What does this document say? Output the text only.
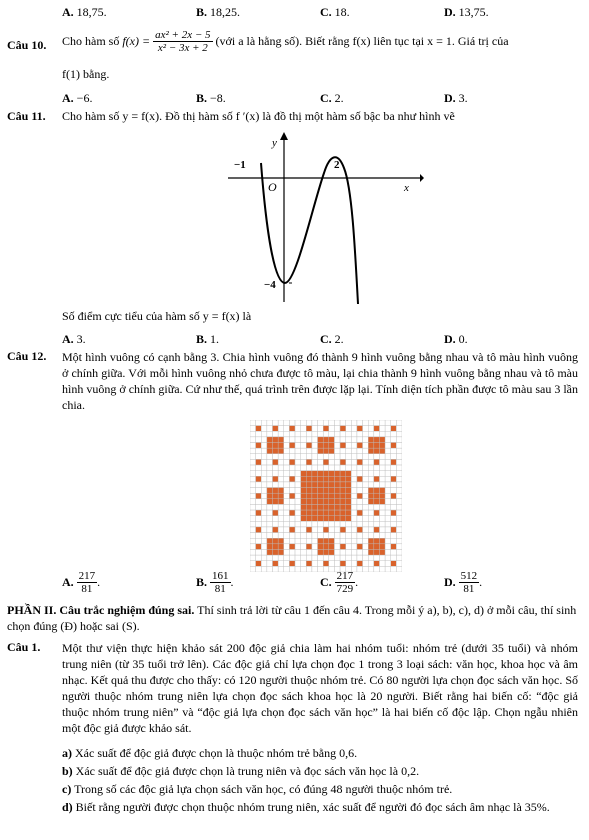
A. 18,75.	B. 18,25.	C. 18.	D. 13,75.
Câu 10. Cho hàm số $f(x) = \frac{\text{ax² + 2x − 5}}{\text{x² − 3x + 2}}$ (với a là hằng số). Biết rằng f(x) liên tục tại x = 1. Giá trị của
f(1) bằng.
A. −6.	B. −8.	C. 2.	D. 3.
Câu 11. Cho hàm số y = f(x). Đồ thị hàm số f ′(x) là đồ thị một hàm số bậc ba như hình vẽ
y
x
O
−1	2
−4
Số điểm cực tiểu của hàm số y = f(x) là
A. 3.	B. 1.	C. 2.	D. 0.
Câu 12. Một hình vuông có cạnh bằng 3. Chia hình vuông đó thành 9 hình vuông bằng nhau và tô màu hình vuông ở chính giữa. Với mỗi hình vuông nhỏ chưa được tô màu, lại chia thành 9 hình vuông bằng nhau và tô màu hình vuông ở chính giữa. Cứ như thế, quá trình trên được lặp lại. Tính diện tích phần được tô màu sau 3 lần chia.
A. $\frac{217}{81}$ .	B. $\frac{161}{81}$ .	C. $\frac{217}{729}$ .	D. $\frac{512}{81}$ .
PHẦN II. Câu trắc nghiệm đúng sai. Thí sinh trả lời từ câu 1 đến câu 4. Trong mỗi ý a), b), c), d) ở mỗi câu, thí sinh chọn đúng (Đ) hoặc sai (S).
Câu 1. Một thư viện thực hiện khảo sát 200 độc giả chia làm hai nhóm tuổi: nhóm trẻ (dưới 35 tuổi) và nhóm trung niên (từ 35 tuổi trở lên). Các độc giả chỉ lựa chọn đọc 1 trong 3 loại sách: văn học, khoa học và âm nhạc. Kết quả thu được cho thấy: có 120 người thuộc nhóm trẻ. Có 80 người lựa chọn đọc sách văn học. Số người thuộc nhóm trung niên lựa chọn đọc sách khoa học là 20 người. Biết rằng hai biến cố: “độc giả thuộc nhóm trung niên” và “độc giả lựa chọn đọc sách văn học” là hai biến cố độc lập. Chọn ngẫu nhiên một độc giả được khảo sát.
a) Xác suất để độc giả được chọn là thuộc nhóm trẻ bằng 0,6.
b) Xác suất để độc giả được chọn là trung niên và đọc sách văn học là 0,2.
c) Trong số các độc giả lựa chọn sách văn học, có đúng 48 người thuộc nhóm trẻ.
d) Biết rằng người được chọn thuộc nhóm trung niên, xác suất để người đó đọc sách âm nhạc là 35%.
